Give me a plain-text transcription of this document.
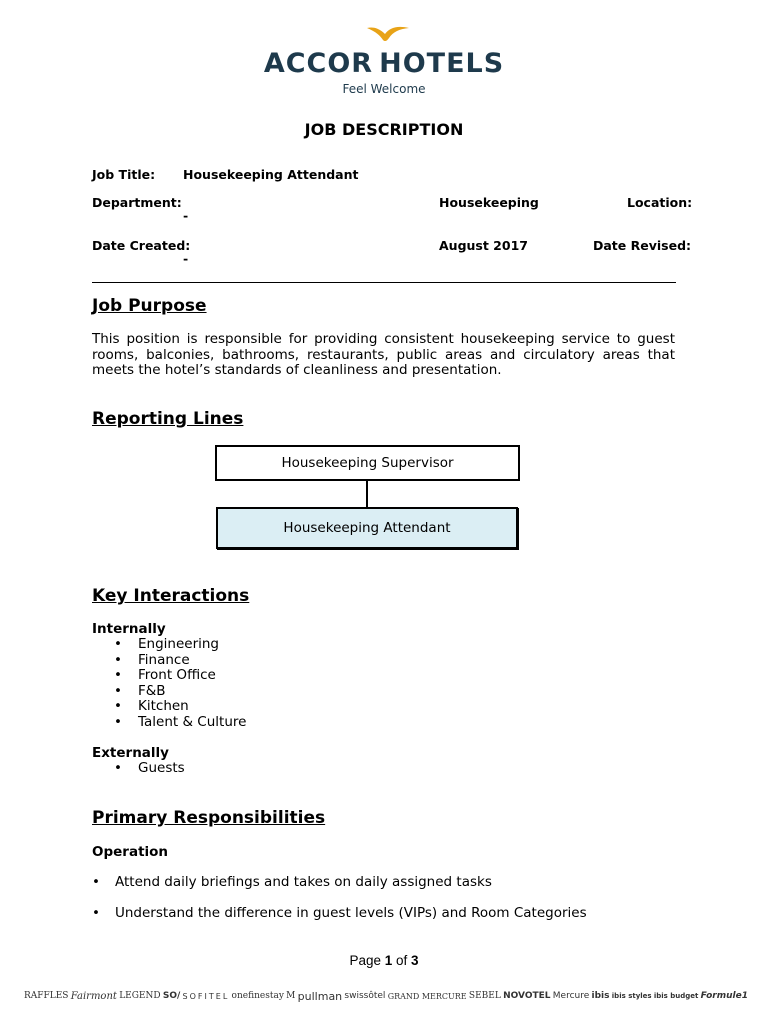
ACCOR HOTELS
Feel Welcome
JOB DESCRIPTION
Job Title: Housekeeping Attendant
Department:	Housekeeping	Location:
-
Date Created:	August 2017	Date Revised:
-
Job Purpose
This position is responsible for providing consistent housekeeping service to guest rooms, balconies, bathrooms, restaurants, public areas and circulatory areas that meets the hotel’s standards of cleanliness and presentation.
Reporting Lines
Housekeeping Supervisor
Housekeeping Attendant
Key Interactions
Internally
• Engineering
• Finance
• Front Office
• F&B
• Kitchen
• Talent & Culture
Externally
• Guests
Primary Responsibilities
Operation
• Attend daily briefings and takes on daily assigned tasks
• Understand the difference in guest levels (VIPs) and Room Categories
Page 1 of 3
RAFFLES Fairmont LEGEND SO/ SOFITEL onefinestay M pullman swissôtel GRAND MERCURE SEBEL NOVOTEL Mercure ibis ibis styles ibis budget Formule1
